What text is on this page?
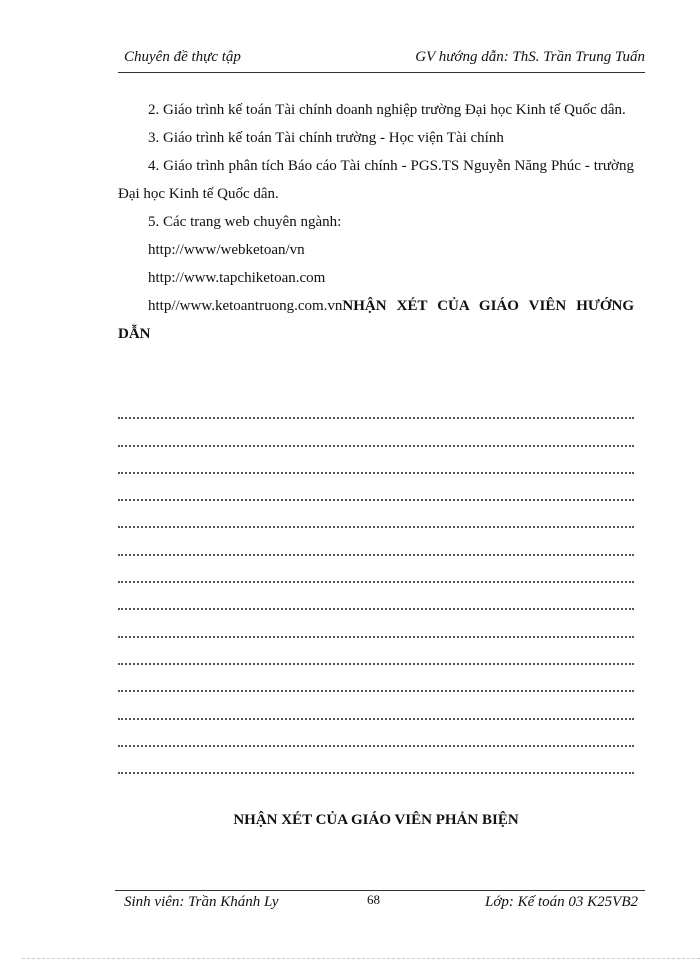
Chuyên đề thực tập	GV hướng dẫn: ThS. Trần Trung Tuấn

2. Giáo trình kế toán Tài chính doanh nghiệp trường Đại học Kinh tế Quốc dân.

3. Giáo trình kế toán Tài chính trường - Học viện Tài chính

4. Giáo trình phân tích Báo cáo Tài chính - PGS.TS Nguyễn Năng Phúc - trường Đại học Kinh tế Quốc dân.

5. Các trang web chuyên ngành:

http://www/webketoan/vn

http://www.tapchiketoan.com

http//www.ketoantruong.com.vnNHẬN XÉT CỦA GIÁO VIÊN HƯỚNG DẪN

NHẬN XÉT CỦA GIÁO VIÊN PHẢN BIỆN
Sinh viên: Trần Khánh Ly	68	Lớp: Kế toán 03 K25VB2
